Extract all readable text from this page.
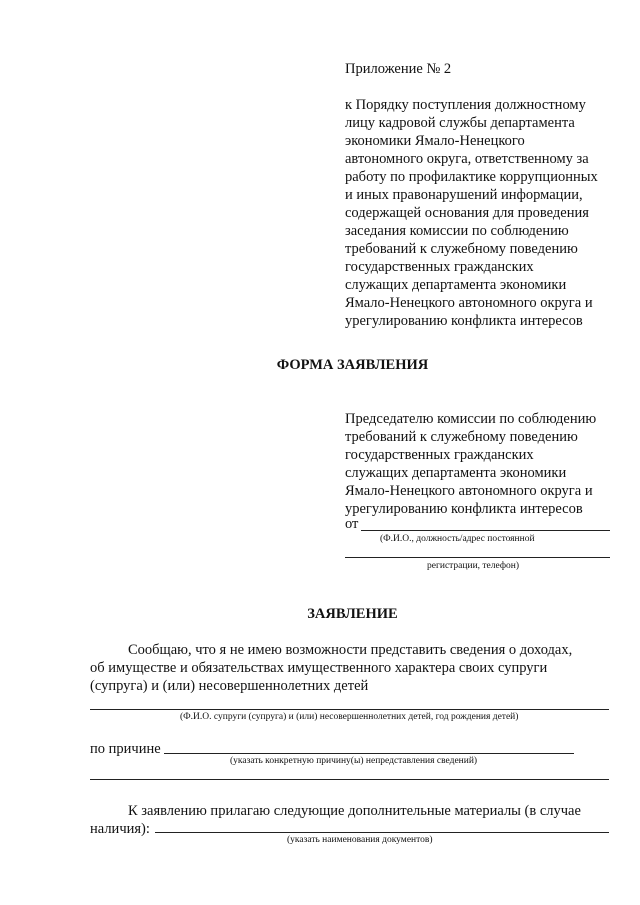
Приложение № 2
к Порядку поступления должностному
лицу кадровой службы департамента
экономики Ямало-Ненецкого
автономного округа, ответственному за
работу по профилактике коррупционных
и иных правонарушений информации,
содержащей основания для проведения
заседания комиссии по соблюдению
требований к служебному поведению
государственных гражданских
служащих департамента экономики
Ямало-Ненецкого автономного округа и
урегулированию конфликта интересов
ФОРМА ЗАЯВЛЕНИЯ
Председателю комиссии по соблюдению
требований к служебному поведению
государственных гражданских
служащих департамента экономики
Ямало-Ненецкого автономного округа и
урегулированию конфликта интересов
от
(Ф.И.О., должность/адрес постоянной
регистрации, телефон)
ЗАЯВЛЕНИЕ
Сообщаю, что я не имею возможности представить сведения о доходах,
об имуществе и обязательствах имущественного характера своих супруги
(супруга) и (или) несовершеннолетних детей
(Ф.И.О. супруги (супруга) и (или) несовершеннолетних детей, год рождения детей)
по причине
(указать конкретную причину(ы) непредставления сведений)
К заявлению прилагаю следующие дополнительные материалы (в случае
наличия):
(указать наименования документов)
